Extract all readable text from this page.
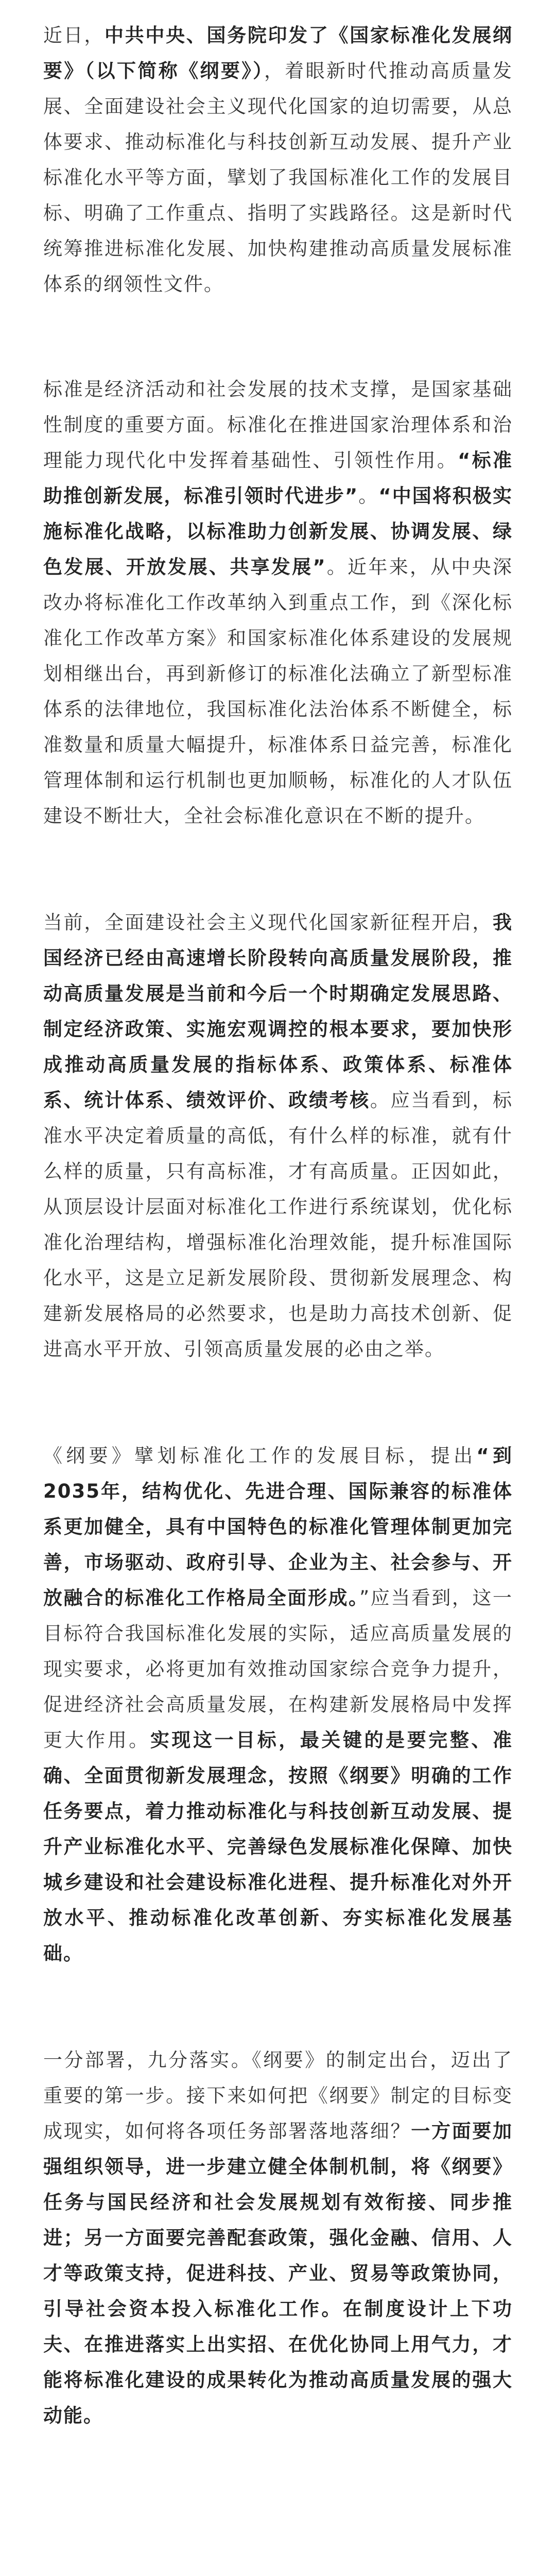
近日，中共中央、国务院印发了《国家标准化发展纲要》（以下简称《纲要》），着眼新时代推动高质量发展、全面建设社会主义现代化国家的迫切需要，从总体要求、推动标准化与科技创新互动发展、提升产业标准化水平等方面，擘划了我国标准化工作的发展目标、明确了工作重点、指明了实践路径。这是新时代统筹推进标准化发展、加快构建推动高质量发展标准体系的纲领性文件。

标准是经济活动和社会发展的技术支撑，是国家基础性制度的重要方面。标准化在推进国家治理体系和治理能力现代化中发挥着基础性、引领性作用。“标准助推创新发展，标准引领时代进步”。“中国将积极实施标准化战略，以标准助力创新发展、协调发展、绿色发展、开放发展、共享发展”。近年来，从中央深改办将标准化工作改革纳入到重点工作，到《深化标准化工作改革方案》和国家标准化体系建设的发展规划相继出台，再到新修订的标准化法确立了新型标准体系的法律地位，我国标准化法治体系不断健全，标准数量和质量大幅提升，标准体系日益完善，标准化管理体制和运行机制也更加顺畅，标准化的人才队伍建设不断壮大，全社会标准化意识在不断的提升。

当前，全面建设社会主义现代化国家新征程开启，我国经济已经由高速增长阶段转向高质量发展阶段，推动高质量发展是当前和今后一个时期确定发展思路、制定经济政策、实施宏观调控的根本要求，要加快形成推动高质量发展的指标体系、政策体系、标准体系、统计体系、绩效评价、政绩考核。应当看到，标准水平决定着质量的高低，有什么样的标准，就有什么样的质量，只有高标准，才有高质量。正因如此，从顶层设计层面对标准化工作进行系统谋划，优化标准化治理结构，增强标准化治理效能，提升标准国际化水平，这是立足新发展阶段、贯彻新发展理念、构建新发展格局的必然要求，也是助力高技术创新、促进高水平开放、引领高质量发展的必由之举。

《纲要》擘划标准化工作的发展目标，提出“到2035年，结构优化、先进合理、国际兼容的标准体系更加健全，具有中国特色的标准化管理体制更加完善，市场驱动、政府引导、企业为主、社会参与、开放融合的标准化工作格局全面形成。”应当看到，这一目标符合我国标准化发展的实际，适应高质量发展的现实要求，必将更加有效推动国家综合竞争力提升，促进经济社会高质量发展，在构建新发展格局中发挥更大作用。实现这一目标，最关键的是要完整、准确、全面贯彻新发展理念，按照《纲要》明确的工作任务要点，着力推动标准化与科技创新互动发展、提升产业标准化水平、完善绿色发展标准化保障、加快城乡建设和社会建设标准化进程、提升标准化对外开放水平、推动标准化改革创新、夯实标准化发展基础。

一分部署，九分落实。《纲要》的制定出台，迈出了重要的第一步。接下来如何把《纲要》制定的目标变成现实，如何将各项任务部署落地落细？一方面要加强组织领导，进一步建立健全体制机制，将《纲要》任务与国民经济和社会发展规划有效衔接、同步推进；另一方面要完善配套政策，强化金融、信用、人才等政策支持，促进科技、产业、贸易等政策协同，引导社会资本投入标准化工作。在制度设计上下功夫、在推进落实上出实招、在优化协同上用气力，才能将标准化建设的成果转化为推动高质量发展的强大动能。
